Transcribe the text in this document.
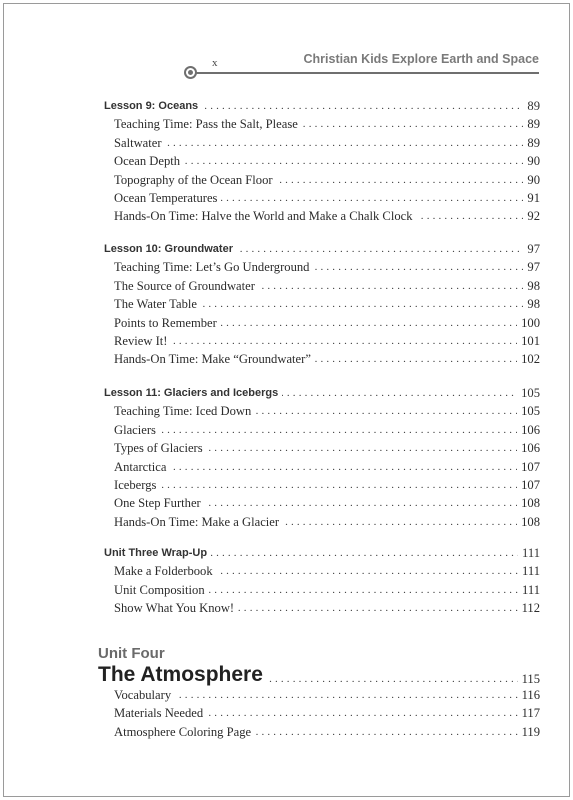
x	Christian Kids Explore Earth and Space
. . . Lesson 9: Oceans	89
. . . Teaching Time: Pass the Salt, Please	89
. . . Saltwater	89
. . . Ocean Depth	90
. . . Topography of the Ocean Floor	90
. . . Ocean Temperatures	91
. . . Hands-On Time: Halve the World and Make a Chalk Clock	92
. . . Lesson 10: Groundwater	97
. . . Teaching Time: Let’s Go Underground	97
. . . The Source of Groundwater	98
. . . The Water Table	98
. . . Points to Remember	100
. . . Review It!	101
. . . Hands-On Time: Make “Groundwater”	102
. . . Lesson 11: Glaciers and Icebergs	105
. . . Teaching Time: Iced Down	105
. . . Glaciers	106
. . . Types of Glaciers	106
. . . Antarctica	107
. . . Icebergs	107
. . . One Step Further	108
. . . Hands-On Time: Make a Glacier	108
. . . Unit Three Wrap-Up	111
. . . Make a Folderbook	111
. . . Unit Composition	111
. . . Show What You Know!	112
Unit Four
. . . The Atmosphere	115
. . . Vocabulary	116
. . . Materials Needed	117
. . . Atmosphere Coloring Page	119
